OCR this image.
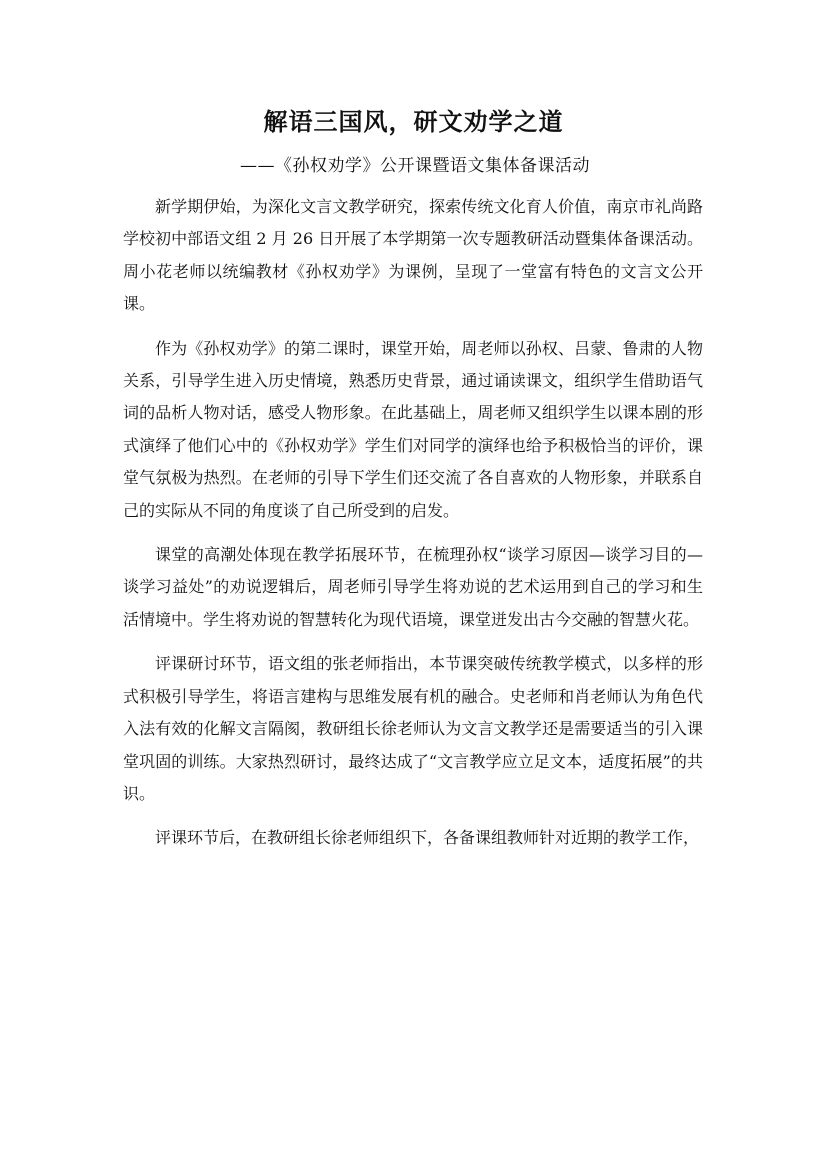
解语三国风，研文劝学之道
——《孙权劝学》公开课暨语文集体备课活动

新学期伊始，为深化文言文教学研究，探索传统文化育人价值，南京市礼尚路学校初中部语文组 2 月 26 日开展了本学期第一次专题教研活动暨集体备课活动。周小花老师以统编教材《孙权劝学》为课例，呈现了一堂富有特色的文言文公开课。

作为《孙权劝学》的第二课时，课堂开始，周老师以孙权、吕蒙、鲁肃的人物关系，引导学生进入历史情境，熟悉历史背景，通过诵读课文，组织学生借助语气词的品析人物对话，感受人物形象。在此基础上，周老师又组织学生以课本剧的形式演绎了他们心中的《孙权劝学》学生们对同学的演绎也给予积极恰当的评价，课堂气氛极为热烈。在老师的引导下学生们还交流了各自喜欢的人物形象，并联系自己的实际从不同的角度谈了自己所受到的启发。

课堂的高潮处体现在教学拓展环节，在梳理孙权“谈学习原因—谈学习目的—谈学习益处”的劝说逻辑后，周老师引导学生将劝说的艺术运用到自己的学习和生活情境中。学生将劝说的智慧转化为现代语境，课堂迸发出古今交融的智慧火花。

评课研讨环节，语文组的张老师指出，本节课突破传统教学模式，以多样的形式积极引导学生，将语言建构与思维发展有机的融合。史老师和肖老师认为角色代入法有效的化解文言隔阂，教研组长徐老师认为文言文教学还是需要适当的引入课堂巩固的训练。大家热烈研讨，最终达成了“文言教学应立足文本，适度拓展”的共识。

评课环节后，在教研组长徐老师组织下，各备课组教师针对近期的教学工作，
